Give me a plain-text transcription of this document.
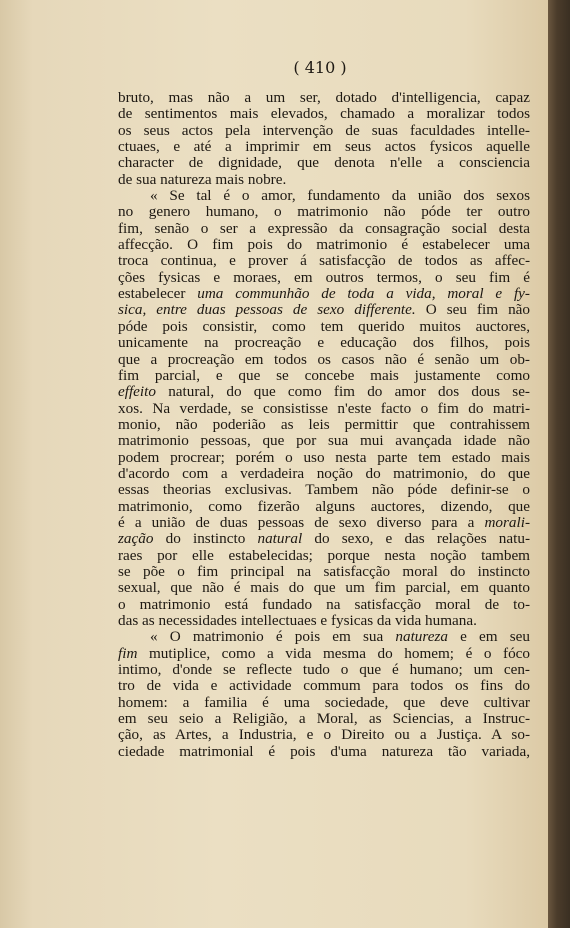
( 410 )
bruto, mas não a um ser, dotado d'intelligencia, capaz
de sentimentos mais elevados, chamado a moralizar todos
os seus actos pela intervenção de suas faculdades intelle-
ctuaes, e até a imprimir em seus actos fysicos aquelle
character de dignidade, que denota n'elle a consciencia
de sua natureza mais nobre.
« Se tal é o amor, fundamento da união dos sexos
no genero humano, o matrimonio não póde ter outro
fim, senão o ser a expressão da consagração social desta
affecção. O fim pois do matrimonio é estabelecer uma
troca continua, e prover á satisfacção de todos as affec-
ções fysicas e moraes, em outros termos, o seu fim é
estabelecer uma communhão de toda a vida, moral e fy-
sica, entre duas pessoas de sexo differente. O seu fim não
póde pois consistir, como tem querido muitos auctores,
unicamente na procreação e educação dos filhos, pois
que a procreação em todos os casos não é senão um ob-
fim parcial, e que se concebe mais justamente como
effeito natural, do que como fim do amor dos dous se-
xos. Na verdade, se consistisse n'este facto o fim do matri-
monio, não poderião as leis permittir que contrahissem
matrimonio pessoas, que por sua mui avançada idade não
podem procrear; porém o uso nesta parte tem estado mais
d'acordo com a verdadeira noção do matrimonio, do que
essas theorias exclusivas. Tambem não póde definir-se o
matrimonio, como fizerão alguns auctores, dizendo, que
é a união de duas pessoas de sexo diverso para a morali-
zação do instincto natural do sexo, e das relações natu-
raes por elle estabelecidas; porque nesta noção tambem
se põe o fim principal na satisfacção moral do instincto
sexual, que não é mais do que um fim parcial, em quanto
o matrimonio está fundado na satisfacção moral de to-
das as necessidades intellectuaes e fysicas da vida humana.
« O matrimonio é pois em sua natureza e em seu
fim mutiplice, como a vida mesma do homem; é o fóco
intimo, d'onde se reflecte tudo o que é humano; um cen-
tro de vida e actividade commum para todos os fins do
homem: a familia é uma sociedade, que deve cultivar
em seu seio a Religião, a Moral, as Sciencias, a Instruc-
ção, as Artes, a Industria, e o Direito ou a Justiça. A so-
ciedade matrimonial é pois d'uma natureza tão variada,
